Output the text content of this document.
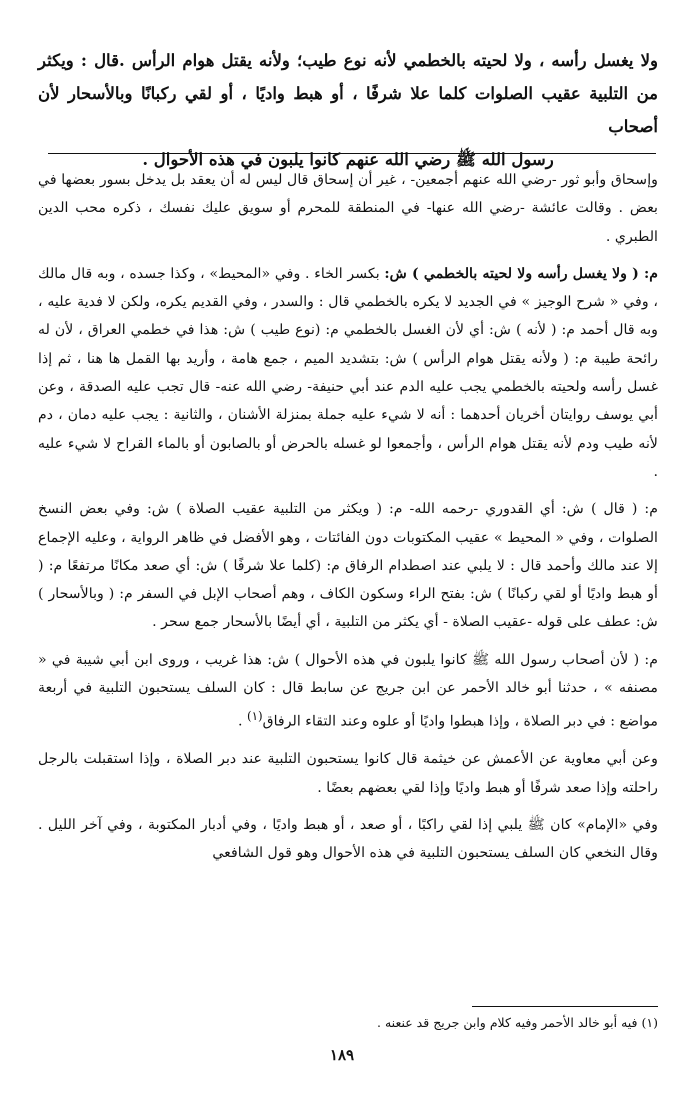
ولا يغسل رأسه ، ولا لحيته بالخطمي لأنه نوع طيب؛ ولأنه يقتل هوام الرأس .قال : ويكثر من التلبية عقيب الصلوات كلما علا شرفًا ، أو هبط واديًا ، أو لقي ركبانًا وبالأسحار لأن أصحاب
رسول الله ﷺ رضي الله عنهم كانوا يلبون في هذه الأحوال .

وإسحاق وأبو ثور -رضي الله عنهم أجمعين- ، غير أن إسحاق قال ليس له أن يعقد بل يدخل بسور بعضها في بعض . وقالت عائشة -رضي الله عنها- في المنطقة للمحرم أو سويق عليك نفسك ، ذكره محب الدين الطبري .

م: ( ولا يغسل رأسه ولا لحيته بالخطمي ) ش: بكسر الخاء . وفي «المحيط» ، وكذا جسده ، وبه قال مالك ، وفي « شرح الوجيز » في الجديد لا يكره بالخطمي قال : والسدر ، وفي القديم يكره، ولكن لا فدية عليه ، وبه قال أحمد م: ( لأنه ) ش: أي لأن الغسل بالخطمي م: (نوع طيب ) ش: هذا في خطمي العراق ، لأن له رائحة طيبة م: ( ولأنه يقتل هوام الرأس ) ش: بتشديد الميم ، جمع هامة ، وأريد بها القمل ها هنا ، ثم إذا غسل رأسه ولحيته بالخطمي يجب عليه الدم عند أبي حنيفة- رضي الله عنه- قال تجب عليه الصدقة ، وعن أبي يوسف روايتان أخريان أحدهما : أنه لا شيء عليه جملة بمنزلة الأشنان ، والثانية : يجب عليه دمان ، دم لأنه طيب ودم لأنه يقتل هوام الرأس ، وأجمعوا لو غسله بالحرض أو بالصابون أو بالماء القراح لا شيء عليه .

م: ( قال ) ش: أي القدوري -رحمه الله- م: ( ويكثر من التلبية عقيب الصلاة ) ش: وفي بعض النسخ الصلوات ، وفي « المحيط » عقيب المكتوبات دون الفائتات ، وهو الأفضل في ظاهر الرواية ، وعليه الإجماع إلا عند مالك وأحمد قال : لا يلبي عند اصطدام الرفاق م: (كلما علا شرفًا ) ش: أي صعد مكانًا مرتفعًا م: ( أو هبط واديًا أو لقي ركبانًا ) ش: بفتح الراء وسكون الكاف ، وهم أصحاب الإبل في السفر م: ( وبالأسحار ) ش: عطف على قوله -عقيب الصلاة - أي يكثر من التلبية ، أي أيضًا بالأسحار جمع سحر .

م: ( لأن أصحاب رسول الله ﷺ كانوا يلبون في هذه الأحوال ) ش: هذا غريب ، وروى ابن أبي شيبة في « مصنفه » ، حدثنا أبو خالد الأحمر عن ابن جريج عن سابط قال : كان السلف يستحبون التلبية في أربعة مواضع : في دبر الصلاة ، وإذا هبطوا واديًا أو علوه وعند التقاء الرفاق$^{(١)}$ .

وعن أبي معاوية عن الأعمش عن خيثمة قال كانوا يستحبون التلبية عند دبر الصلاة ، وإذا استقبلت بالرجل راحلته وإذا صعد شرفًا أو هبط واديًا وإذا لقي بعضهم بعضًا .

وفي «الإمام» كان ﷺ يلبي إذا لقي راكبًا ، أو صعد ، أو هبط واديًا ، وفي أدبار المكتوبة ، وفي آخر الليل . وقال النخعي كان السلف يستحبون التلبية في هذه الأحوال وهو قول الشافعي

(١) فيه أبو خالد الأحمر وفيه كلام وابن جريج قد عنعنه .
١٨٩
